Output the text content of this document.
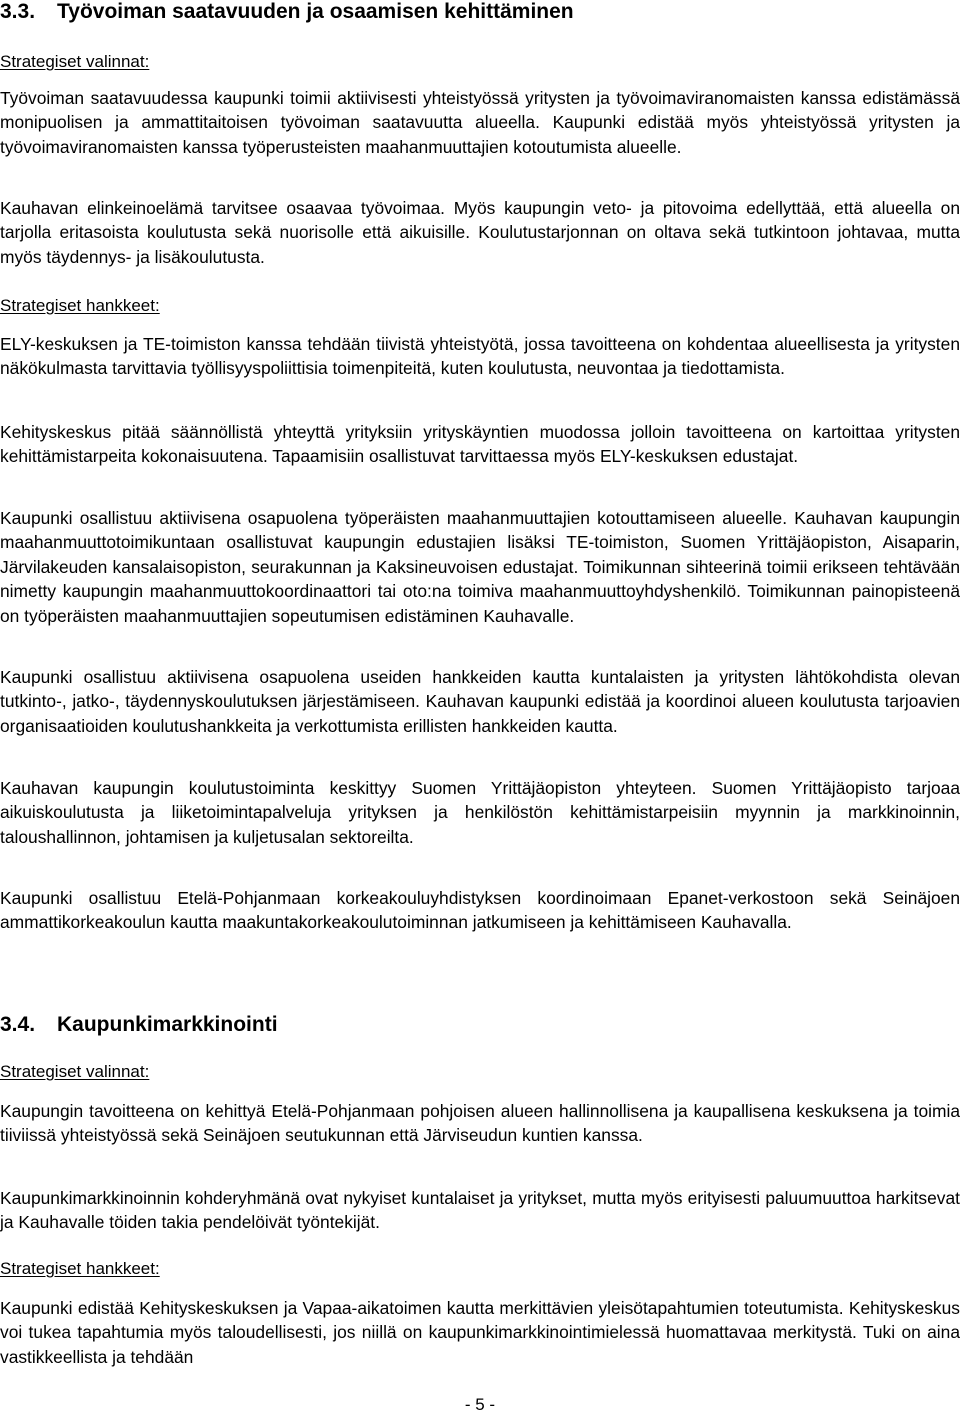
3.3. Työvoiman saatavuuden ja osaamisen kehittäminen

Strategiset valinnat:

Työvoiman saatavuudessa kaupunki toimii aktiivisesti yhteistyössä yritysten ja työvoimaviranomaisten kanssa edistämässä monipuolisen ja ammattitaitoisen työvoiman saatavuutta alueella. Kaupunki edistää myös yhteistyössä yritysten ja työvoimaviranomaisten kanssa työperusteisten maahanmuuttajien kotoutumista alueelle.

Kauhavan elinkeinoelämä tarvitsee osaavaa työvoimaa. Myös kaupungin veto- ja pitovoima edellyttää, että alueella on tarjolla eritasoista koulutusta sekä nuorisolle että aikuisille. Koulutustarjonnan on oltava sekä tutkintoon johtavaa, mutta myös täydennys- ja lisäkoulutusta.

Strategiset hankkeet:

ELY-keskuksen ja TE-toimiston kanssa tehdään tiivistä yhteistyötä, jossa tavoitteena on kohdentaa alueellisesta ja yritysten näkökulmasta tarvittavia työllisyyspoliittisia toimenpiteitä, kuten koulutusta, neuvontaa ja tiedottamista.

Kehityskeskus pitää säännöllistä yhteyttä yrityksiin yrityskäyntien muodossa jolloin tavoitteena on kartoittaa yritysten kehittämistarpeita kokonaisuutena. Tapaamisiin osallistuvat tarvittaessa myös ELY-keskuksen edustajat.

Kaupunki osallistuu aktiivisena osapuolena työperäisten maahanmuuttajien kotouttamiseen alueelle. Kauhavan kaupungin maahanmuuttotoimikuntaan osallistuvat kaupungin edustajien lisäksi TE-toimiston, Suomen Yrittäjäopiston, Aisaparin, Järvilakeuden kansalaisopiston, seurakunnan ja Kaksineuvoisen edustajat. Toimikunnan sihteerinä toimii erikseen tehtävään nimetty kaupungin maahanmuuttokoordinaattori tai oto:na toimiva maahanmuuttoyhdyshenkilö. Toimikunnan painopisteenä on työperäisten maahanmuuttajien sopeutumisen edistäminen Kauhavalle.

Kaupunki osallistuu aktiivisena osapuolena useiden hankkeiden kautta kuntalaisten ja yritysten lähtökohdista olevan tutkinto-, jatko-, täydennyskoulutuksen järjestämiseen. Kauhavan kaupunki edistää ja koordinoi alueen koulutusta tarjoavien organisaatioiden koulutushankkeita ja verkottumista erillisten hankkeiden kautta.

Kauhavan kaupungin koulutustoiminta keskittyy Suomen Yrittäjäopiston yhteyteen. Suomen Yrittäjäopisto tarjoaa aikuiskoulutusta ja liiketoimintapalveluja yrityksen ja henkilöstön kehittämistarpeisiin myynnin ja markkinoinnin, taloushallinnon, johtamisen ja kuljetusalan sektoreilta.

Kaupunki osallistuu Etelä-Pohjanmaan korkeakouluyhdistyksen koordinoimaan Epanet-verkostoon sekä Seinäjoen ammattikorkeakoulun kautta maakuntakorkeakoulutoiminnan jatkumiseen ja kehittämiseen Kauhavalla.

3.4. Kaupunkimarkkinointi

Strategiset valinnat:

Kaupungin tavoitteena on kehittyä Etelä-Pohjanmaan pohjoisen alueen hallinnollisena ja kaupallisena keskuksena ja toimia tiiviissä yhteistyössä sekä Seinäjoen seutukunnan että Järviseudun kuntien kanssa.

Kaupunkimarkkinoinnin kohderyhmänä ovat nykyiset kuntalaiset ja yritykset, mutta myös erityisesti paluumuuttoa harkitsevat ja Kauhavalle töiden takia pendelöivät työntekijät.

Strategiset hankkeet:

Kaupunki edistää Kehityskeskuksen ja Vapaa-aikatoimen kautta merkittävien yleisötapahtumien toteutumista. Kehityskeskus voi tukea tapahtumia myös taloudellisesti, jos niillä on kaupunkimarkkinointimielessä huomattavaa merkitystä. Tuki on aina vastikkeellista ja tehdään

- 5 -
